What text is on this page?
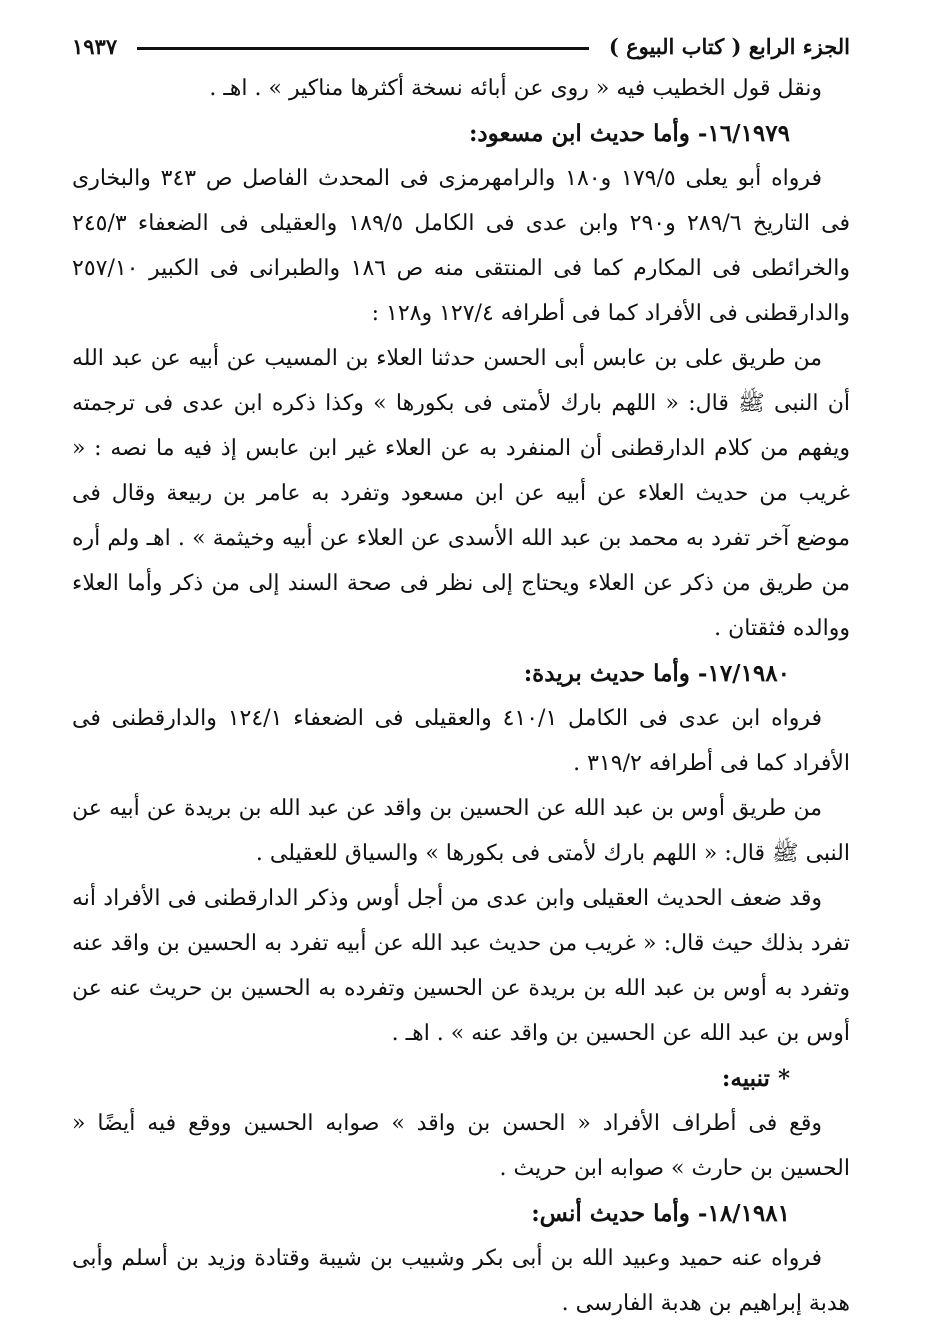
الجزء الرابع ( كتاب البيوع )
١٩٣٧

ونقل قول الخطيب فيه « روى عن أبائه نسخة أكثرها مناكير » . اهـ .

١٦/١٩٧٩- وأما حديث ابن مسعود:

فرواه أبو يعلى ١٧٩/٥ و١٨٠ والرامهرمزى فى المحدث الفاصل ص ٣٤٣ والبخارى فى التاريخ ٢٨٩/٦ و٢٩٠ وابن عدى فى الكامل ١٨٩/٥ والعقيلى فى الضعفاء ٢٤٥/٣ والخرائطى فى المكارم كما فى المنتقى منه ص ١٨٦ والطبرانى فى الكبير ٢٥٧/١٠ والدارقطنى فى الأفراد كما فى أطرافه ١٢٧/٤ و١٢٨ :

من طريق على بن عابس أبى الحسن حدثنا العلاء بن المسيب عن أبيه عن عبد الله أن النبى ﷺ قال: « اللهم بارك لأمتى فى بكورها » وكذا ذكره ابن عدى فى ترجمته ويفهم من كلام الدارقطنى أن المنفرد به عن العلاء غير ابن عابس إذ فيه ما نصه : « غريب من حديث العلاء عن أبيه عن ابن مسعود وتفرد به عامر بن ربيعة وقال فى موضع آخر تفرد به محمد بن عبد الله الأسدى عن العلاء عن أبيه وخيثمة » . اهـ ولم أره من طريق من ذكر عن العلاء ويحتاج إلى نظر فى صحة السند إلى من ذكر وأما العلاء ووالده فثقتان .

١٧/١٩٨٠- وأما حديث بريدة:

فرواه ابن عدى فى الكامل ٤١٠/١ والعقيلى فى الضعفاء ١٢٤/١ والدارقطنى فى الأفراد كما فى أطرافه ٣١٩/٢ .

من طريق أوس بن عبد الله عن الحسين بن واقد عن عبد الله بن بريدة عن أبيه عن النبى ﷺ قال: « اللهم بارك لأمتى فى بكورها » والسياق للعقيلى .

وقد ضعف الحديث العقيلى وابن عدى من أجل أوس وذكر الدارقطنى فى الأفراد أنه تفرد بذلك حيث قال: « غريب من حديث عبد الله عن أبيه تفرد به الحسين بن واقد عنه وتفرد به أوس بن عبد الله بن بريدة عن الحسين وتفرده به الحسين بن حريث عنه عن أوس بن عبد الله عن الحسين بن واقد عنه » . اهـ .

* تنبيه:

وقع فى أطراف الأفراد « الحسن بن واقد » صوابه الحسين ووقع فيه أيضًا « الحسين بن حارث » صوابه ابن حريث .

١٨/١٩٨١- وأما حديث أنس:

فرواه عنه حميد وعبيد الله بن أبى بكر وشبيب بن شيبة وقتادة وزيد بن أسلم وأبى هدبة إبراهيم بن هدبة الفارسى .
